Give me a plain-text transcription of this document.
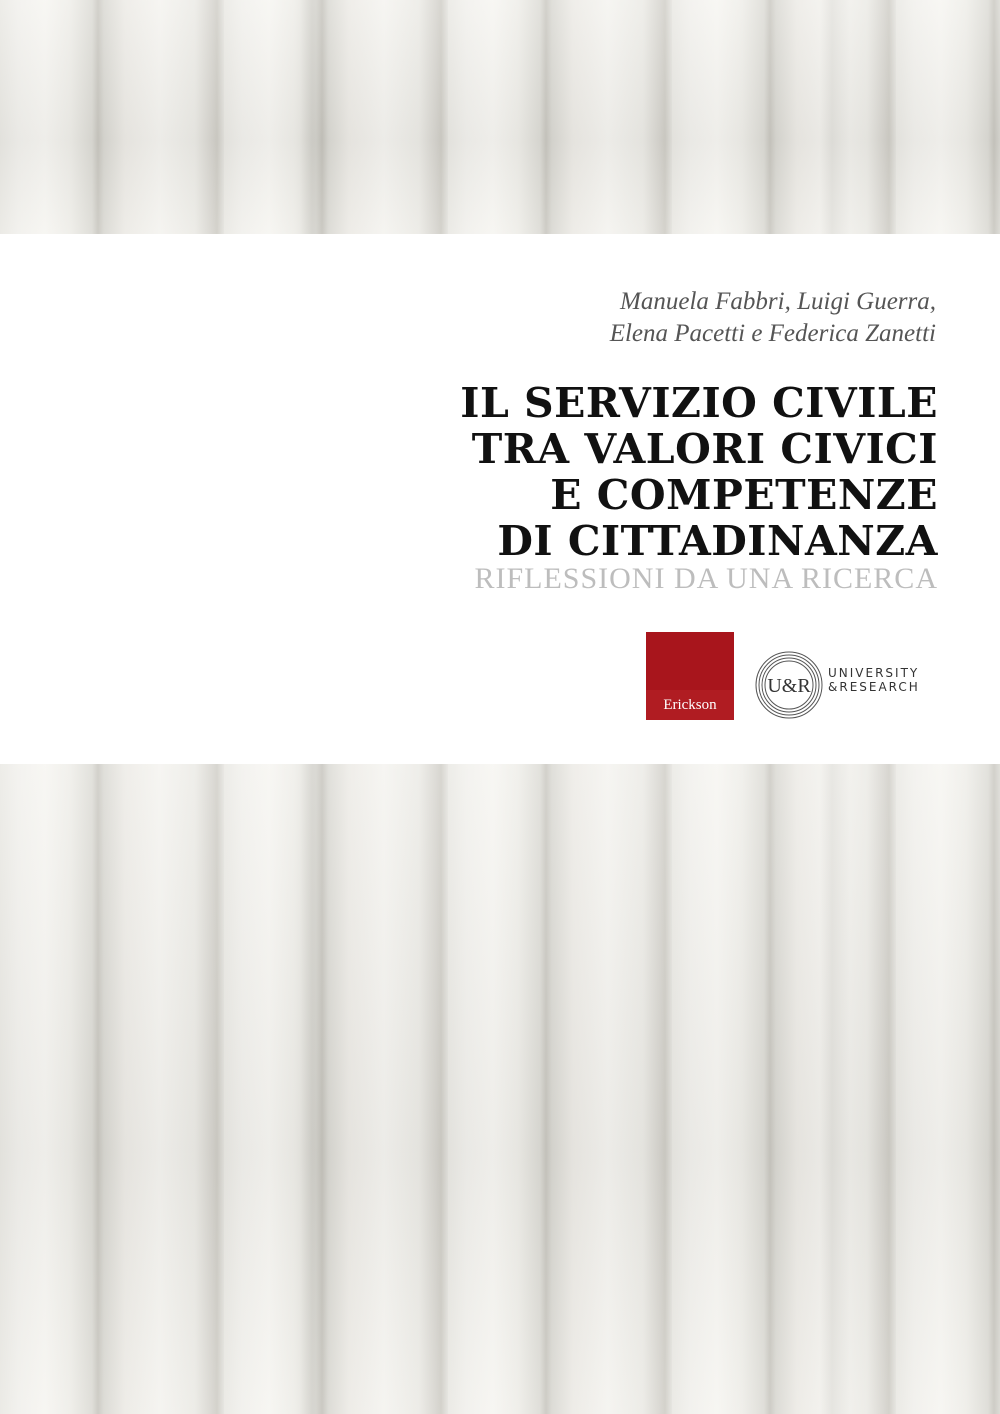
Manuela Fabbri, Luigi Guerra,
Elena Pacetti e Federica Zanetti
IL SERVIZIO CIVILE
TRA VALORI CIVICI
E COMPETENZE
DI CITTADINANZA
RIFLESSIONI DA UNA RICERCA
Erickson
U&R
UNIVERSITY
&RESEARCH
